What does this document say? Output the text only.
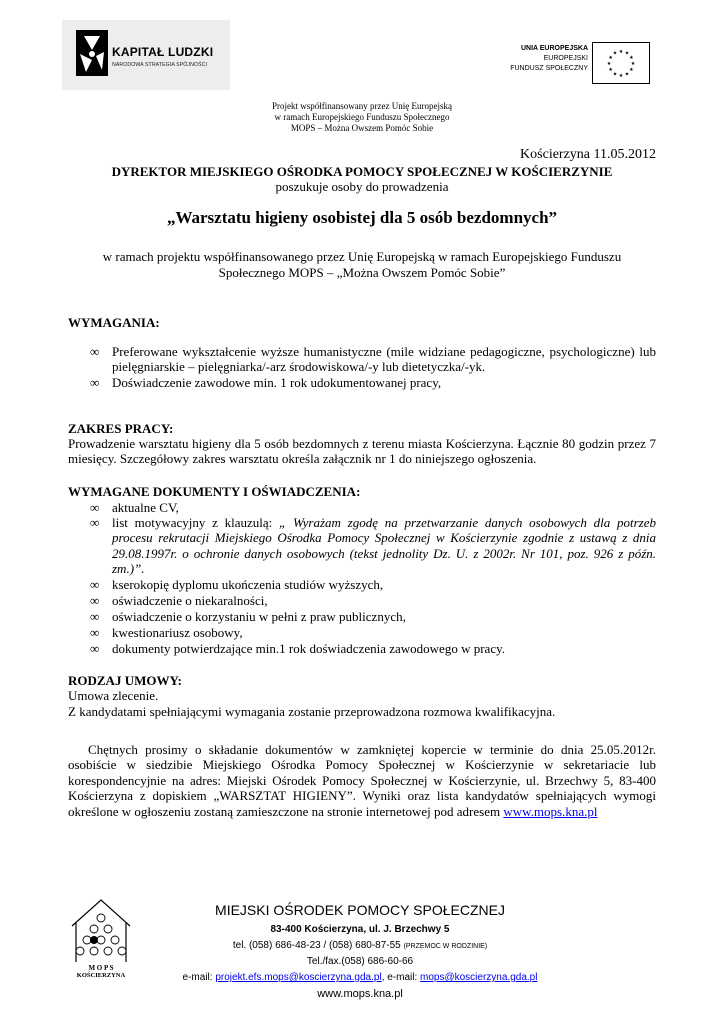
KAPITAŁ LUDZKI
NARODOWA STRATEGIA SPÓJNOŚCI
UNIA EUROPEJSKA
EUROPEJSKI
FUNDUSZ SPOŁECZNY
★
★
★
★
★
★
★
★
★ ★ ★
★
Projekt współfinansowany przez Unię Europejską
w ramach Europejskiego Funduszu Społecznego
MOPS – Można Owszem Pomóc Sobie
Kościerzyna 11.05.2012
DYREKTOR MIEJSKIEGO OŚRODKA POMOCY SPOŁECZNEJ W KOŚCIERZYNIE
poszukuje osoby do prowadzenia
„Warsztatu higieny osobistej dla 5 osób bezdomnych”
w ramach projektu współfinansowanego przez Unię Europejską w ramach Europejskiego Funduszu
Społecznego MOPS – „Można Owszem Pomóc Sobie”
WYMAGANIA:
∞ Preferowane wykształcenie wyższe humanistyczne (mile widziane pedagogiczne, psychologiczne) lub pielęgniarskie – pielęgniarka/-arz środowiskowa/-y lub dietetyczka/-yk.
∞ Doświadczenie zawodowe min. 1 rok udokumentowanej pracy,
ZAKRES PRACY:
Prowadzenie warsztatu higieny dla 5 osób bezdomnych z terenu miasta Kościerzyna. Łącznie 80 godzin przez 7 miesięcy. Szczegółowy zakres warsztatu określa załącznik nr 1 do niniejszego ogłoszenia.
WYMAGANE DOKUMENTY I OŚWIADCZENIA:
∞ aktualne CV,
∞ list motywacyjny z klauzulą: „ Wyrażam zgodę na przetwarzanie danych osobowych dla potrzeb procesu rekrutacji Miejskiego Ośrodka Pomocy Społecznej w Kościerzynie zgodnie z ustawą z dnia 29.08.1997r. o ochronie danych osobowych (tekst jednolity Dz. U. z 2002r. Nr 101, poz. 926 z późn. zm.)”.
∞ kserokopię dyplomu ukończenia studiów wyższych,
∞ oświadczenie o niekaralności,
∞ oświadczenie o korzystaniu w pełni z praw publicznych,
∞ kwestionariusz osobowy,
∞ dokumenty potwierdzające min.1 rok doświadczenia zawodowego w pracy.
RODZAJ UMOWY:
Umowa zlecenie.
Z kandydatami spełniającymi wymagania zostanie przeprowadzona rozmowa kwalifikacyjna.
Chętnych prosimy o składanie dokumentów w zamkniętej kopercie w terminie do dnia 25.05.2012r. osobiście w siedzibie Miejskiego Ośrodka Pomocy Społecznej w Kościerzynie w sekretariacie lub korespondencyjnie na adres: Miejski Ośrodek Pomocy Społecznej w Kościerzynie, ul. Brzechwy 5, 83-400 Kościerzyna z dopiskiem „WARSZTAT HIGIENY”. Wyniki oraz lista kandydatów spełniających wymogi określone w ogłoszeniu zostaną zamieszczone na stronie internetowej pod adresem www.mops.kna.pl
M O P S
KOŚCIERZYNA
MIEJSKI OŚRODEK POMOCY SPOŁECZNEJ
83-400 Kościerzyna, ul. J. Brzechwy 5
tel. (058) 686-48-23 / (058) 680-87-55 (PRZEMOC W RODZINIE)
Tel./fax.(058) 686-60-66
e-mail: projekt.efs.mops@koscierzyna.gda.pl, e-mail: mops@koscierzyna.gda.pl
www.mops.kna.pl
